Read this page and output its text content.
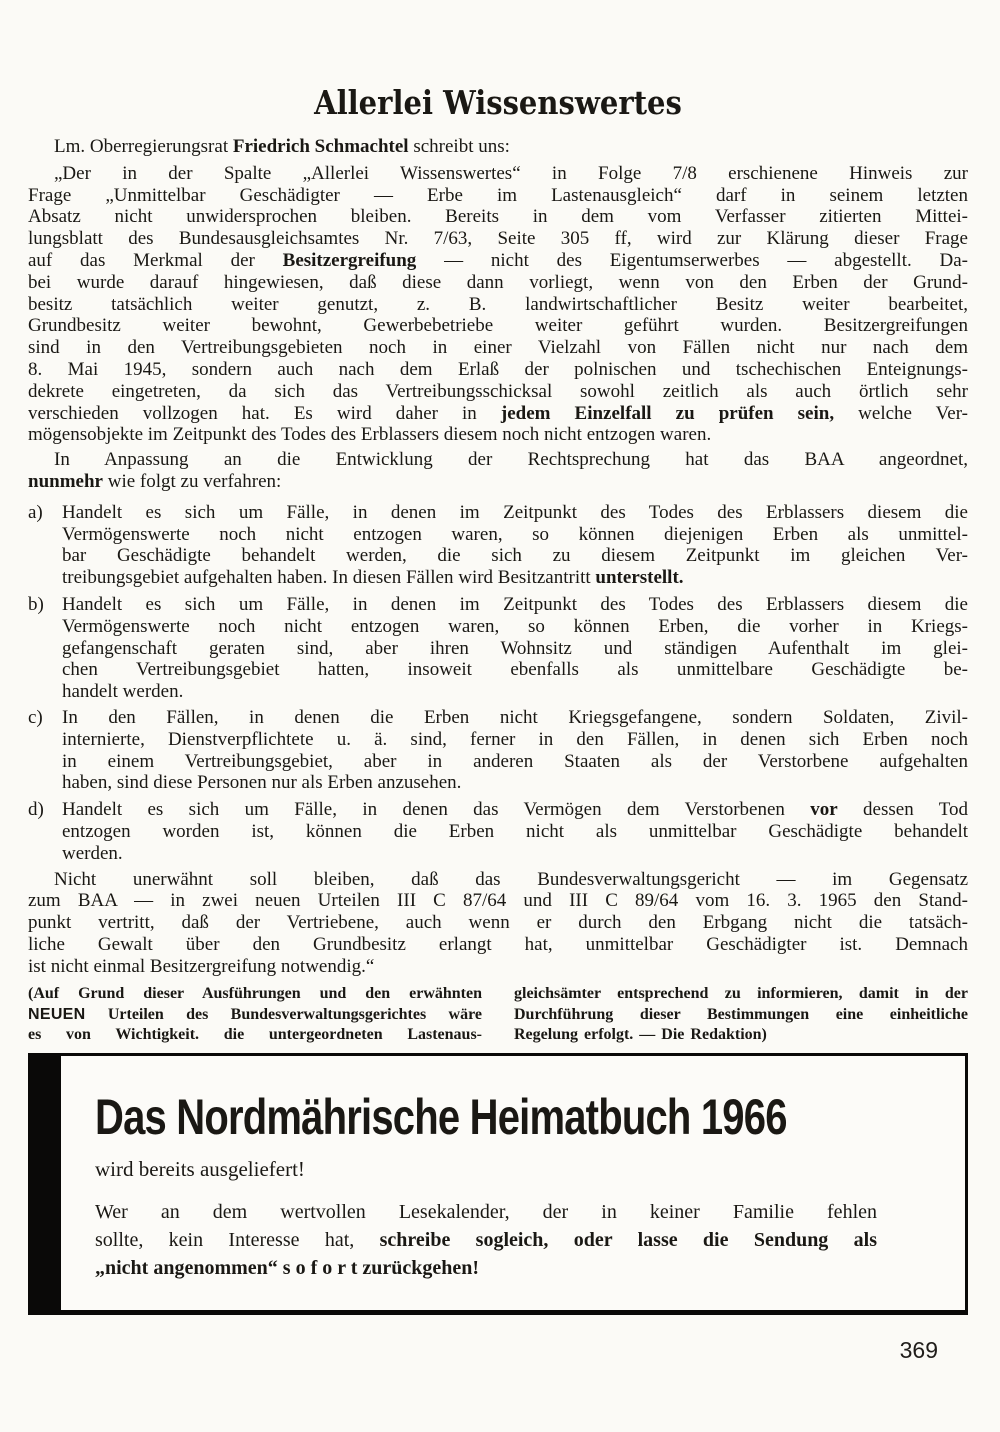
Allerlei Wissenswertes
Lm. Oberregierungsrat Friedrich Schmachtel schreibt uns:
„Der in der Spalte „Allerlei Wissenswertes“ in Folge 7/8 erschienene Hinweis zur
Frage „Unmittelbar Geschädigter — Erbe im Lastenausgleich“ darf in seinem letzten
Absatz nicht unwidersprochen bleiben. Bereits in dem vom Verfasser zitierten Mittei-
lungsblatt des Bundesausgleichsamtes Nr. 7/63, Seite 305 ff, wird zur Klärung dieser Frage
auf das Merkmal der Besitzergreifung — nicht des Eigentumserwerbes — abgestellt. Da-
bei wurde darauf hingewiesen, daß diese dann vorliegt, wenn von den Erben der Grund-
besitz tatsächlich weiter genutzt, z. B. landwirtschaftlicher Besitz weiter bearbeitet,
Grundbesitz weiter bewohnt, Gewerbebetriebe weiter geführt wurden. Besitzergreifungen
sind in den Vertreibungsgebieten noch in einer Vielzahl von Fällen nicht nur nach dem
8. Mai 1945, sondern auch nach dem Erlaß der polnischen und tschechischen Enteignungs-
dekrete eingetreten, da sich das Vertreibungsschicksal sowohl zeitlich als auch örtlich sehr
verschieden vollzogen hat. Es wird daher in jedem Einzelfall zu prüfen sein, welche Ver-
mögensobjekte im Zeitpunkt des Todes des Erblassers diesem noch nicht entzogen waren.
In Anpassung an die Entwicklung der Rechtsprechung hat das BAA angeordnet,
nunmehr wie folgt zu verfahren:
a) Handelt es sich um Fälle, in denen im Zeitpunkt des Todes des Erblassers diesem die
Vermögenswerte noch nicht entzogen waren, so können diejenigen Erben als unmittel-
bar Geschädigte behandelt werden, die sich zu diesem Zeitpunkt im gleichen Ver-
treibungsgebiet aufgehalten haben. In diesen Fällen wird Besitzantritt unterstellt.
b) Handelt es sich um Fälle, in denen im Zeitpunkt des Todes des Erblassers diesem die
Vermögenswerte noch nicht entzogen waren, so können Erben, die vorher in Kriegs-
gefangenschaft geraten sind, aber ihren Wohnsitz und ständigen Aufenthalt im glei-
chen Vertreibungsgebiet hatten, insoweit ebenfalls als unmittelbare Geschädigte be-
handelt werden.
c) In den Fällen, in denen die Erben nicht Kriegsgefangene, sondern Soldaten, Zivil-
internierte, Dienstverpflichtete u. ä. sind, ferner in den Fällen, in denen sich Erben noch
in einem Vertreibungsgebiet, aber in anderen Staaten als der Verstorbene aufgehalten
haben, sind diese Personen nur als Erben anzusehen.
d) Handelt es sich um Fälle, in denen das Vermögen dem Verstorbenen vor dessen Tod
entzogen worden ist, können die Erben nicht als unmittelbar Geschädigte behandelt
werden.
Nicht unerwähnt soll bleiben, daß das Bundesverwaltungsgericht — im Gegensatz
zum BAA — in zwei neuen Urteilen III C 87/64 und III C 89/64 vom 16. 3. 1965 den Stand-
punkt vertritt, daß der Vertriebene, auch wenn er durch den Erbgang nicht die tatsäch-
liche Gewalt über den Grundbesitz erlangt hat, unmittelbar Geschädigter ist. Demnach
ist nicht einmal Besitzergreifung notwendig.“
(Auf Grund dieser Ausführungen und den erwähnten
NEUEN Urteilen des Bundesverwaltungsgerichtes wäre
es von Wichtigkeit. die untergeordneten Lastenaus-
gleichsämter entsprechend zu informieren, damit in der
Durchführung dieser Bestimmungen eine einheitliche
Regelung erfolgt. — Die Redaktion)
Das Nordmährische Heimatbuch 1966
wird bereits ausgeliefert!
Wer an dem wertvollen Lesekalender, der in keiner Familie fehlen
sollte, kein Interesse hat, schreibe sogleich, oder lasse die Sendung als
„nicht angenommen“ s o f o r t zurückgehen!
369
